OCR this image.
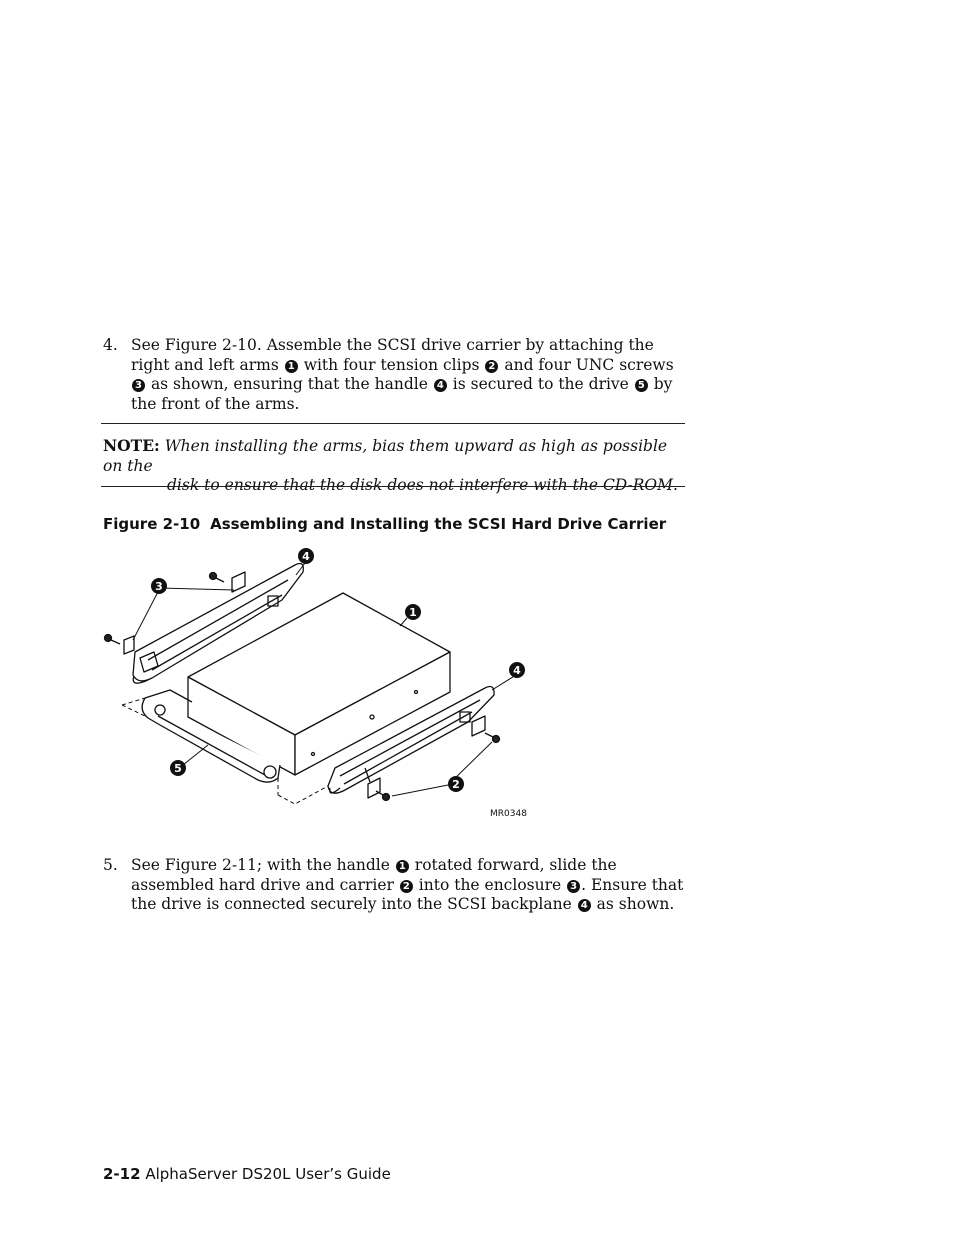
4. See Figure 2-10. Assemble the SCSI drive carrier by attaching the right and left arms 1 with four tension clips 2 and four UNC screws 3 as shown, ensuring that the handle 4 is secured to the drive 5 by the front of the arms.
NOTE: When installing the arms, bias them upward as high as possible on the
disk to ensure that the disk does not interfere with the CD-ROM.
Figure 2-10 Assembling and Installing the SCSI Hard Drive Carrier
4
3
1
4
5
2
MR0348
5. See Figure 2-11; with the handle 1 rotated forward, slide the assembled hard drive and carrier 2 into the enclosure 3 . Ensure that the drive is connected securely into the SCSI backplane 4 as shown.
2-12 AlphaServer DS20L User’s Guide
